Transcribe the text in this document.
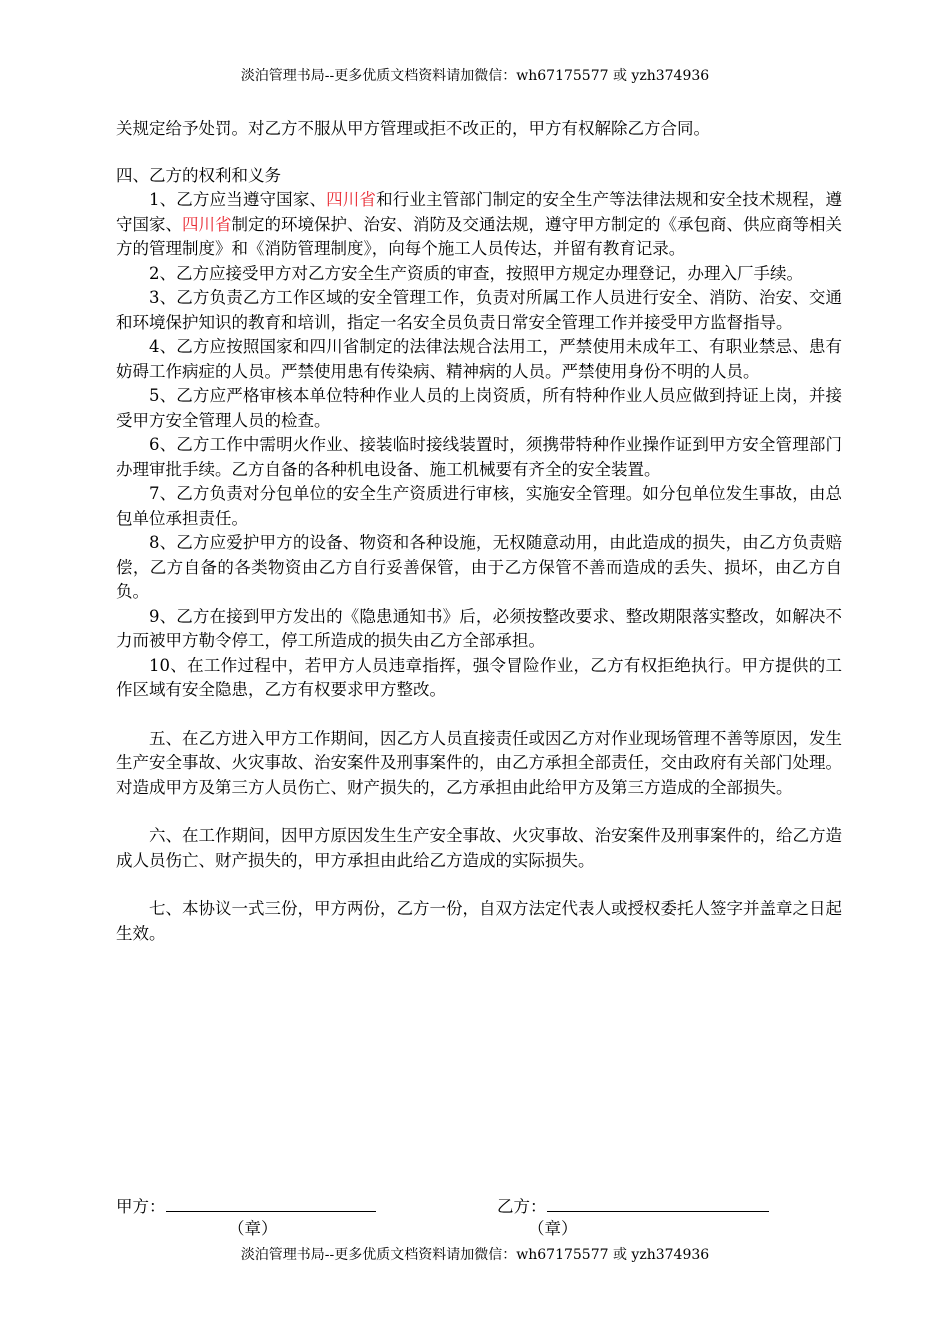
淡泊管理书局--更多优质文档资料请加微信：wh67175577 或 yzh374936

关规定给予处罚。对乙方不服从甲方管理或拒不改正的，甲方有权解除乙方合同。

四、乙方的权利和义务

1、乙方应当遵守国家、四川省和行业主管部门制定的安全生产等法律法规和安全技术规程，遵守国家、四川省制定的环境保护、治安、消防及交通法规，遵守甲方制定的《承包商、供应商等相关方的管理制度》和《消防管理制度》，向每个施工人员传达，并留有教育记录。

2、乙方应接受甲方对乙方安全生产资质的审查，按照甲方规定办理登记，办理入厂手续。

3、乙方负责乙方工作区域的安全管理工作，负责对所属工作人员进行安全、消防、治安、交通和环境保护知识的教育和培训，指定一名安全员负责日常安全管理工作并接受甲方监督指导。

4、乙方应按照国家和四川省制定的法律法规合法用工，严禁使用未成年工、有职业禁忌、患有妨碍工作病症的人员。严禁使用患有传染病、精神病的人员。严禁使用身份不明的人员。

5、乙方应严格审核本单位特种作业人员的上岗资质，所有特种作业人员应做到持证上岗，并接受甲方安全管理人员的检查。

6、乙方工作中需明火作业、接装临时接线装置时，须携带特种作业操作证到甲方安全管理部门办理审批手续。乙方自备的各种机电设备、施工机械要有齐全的安全装置。

7、乙方负责对分包单位的安全生产资质进行审核，实施安全管理。如分包单位发生事故，由总包单位承担责任。

8、乙方应爱护甲方的设备、物资和各种设施，无权随意动用，由此造成的损失，由乙方负责赔偿，乙方自备的各类物资由乙方自行妥善保管，由于乙方保管不善而造成的丢失、损坏，由乙方自负。

9、乙方在接到甲方发出的《隐患通知书》后，必须按整改要求、整改期限落实整改，如解决不力而被甲方勒令停工，停工所造成的损失由乙方全部承担。

10、在工作过程中，若甲方人员违章指挥，强令冒险作业，乙方有权拒绝执行。甲方提供的工作区域有安全隐患，乙方有权要求甲方整改。

五、在乙方进入甲方工作期间，因乙方人员直接责任或因乙方对作业现场管理不善等原因，发生生产安全事故、火灾事故、治安案件及刑事案件的，由乙方承担全部责任，交由政府有关部门处理。对造成甲方及第三方人员伤亡、财产损失的，乙方承担由此给甲方及第三方造成的全部损失。

六、在工作期间，因甲方原因发生生产安全事故、火灾事故、治安案件及刑事案件的，给乙方造成人员伤亡、财产损失的，甲方承担由此给乙方造成的实际损失。

七、本协议一式三份，甲方两份，乙方一份，自双方法定代表人或授权委托人签字并盖章之日起生效。

甲方：	乙方：
（章）	（章）
淡泊管理书局--更多优质文档资料请加微信：wh67175577 或 yzh374936
